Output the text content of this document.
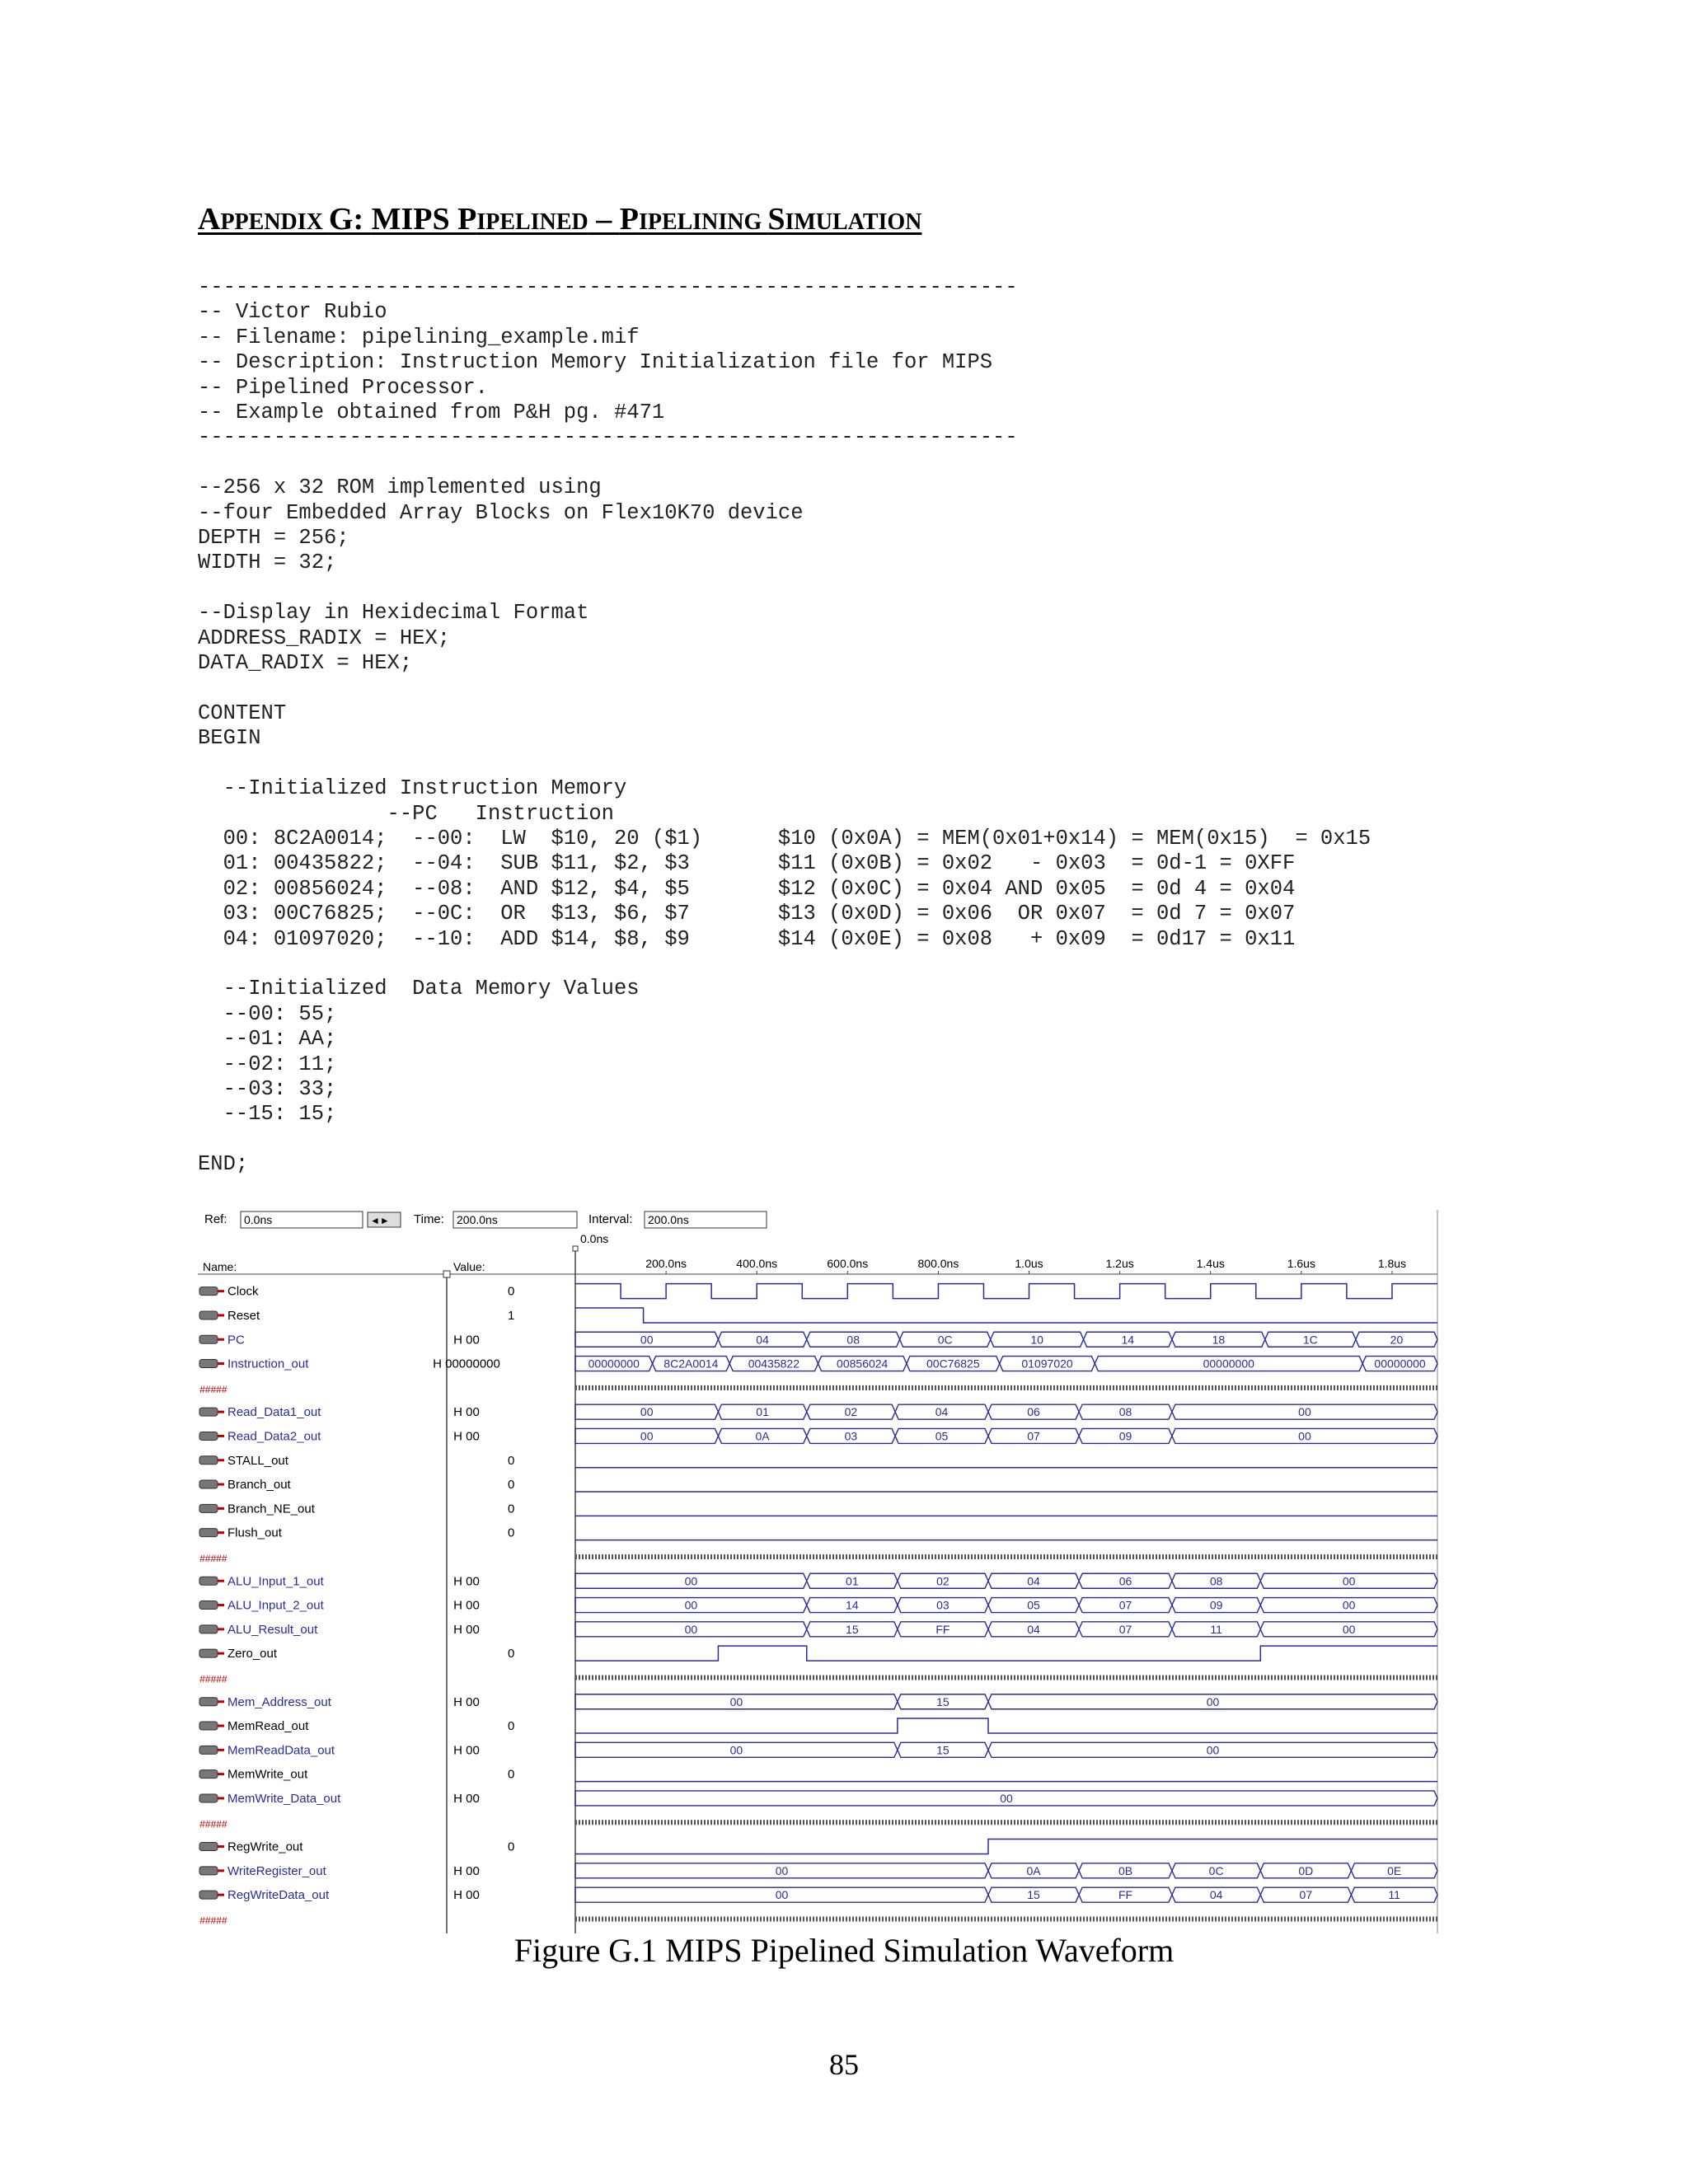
APPENDIX G: MIPS PIPELINED – PIPELINING SIMULATION
-----------------------------------------------------------------
-- Victor Rubio
-- Filename: pipelining_example.mif
-- Description: Instruction Memory Initialization file for MIPS
-- Pipelined Processor.
-- Example obtained from P&H pg. #471
-----------------------------------------------------------------

--256 x 32 ROM implemented using
--four Embedded Array Blocks on Flex10K70 device
DEPTH = 256;
WIDTH = 32;

--Display in Hexidecimal Format
ADDRESS_RADIX = HEX;
DATA_RADIX = HEX;

CONTENT
BEGIN

--Initialized Instruction Memory
--PC   Instruction
00: 8C2A0014;  --00:  LW  $10, 20 ($1)      $10 (0x0A) = MEM(0x01+0x14) = MEM(0x15)  = 0x15
01: 00435822;  --04:  SUB $11, $2, $3       $11 (0x0B) = 0x02   - 0x03  = 0d-1 = 0XFF
02: 00856024;  --08:  AND $12, $4, $5       $12 (0x0C) = 0x04 AND 0x05  = 0d 4 = 0x04
03: 00C76825;  --0C:  OR  $13, $6, $7       $13 (0x0D) = 0x06  OR 0x07  = 0d 7 = 0x07
04: 01097020;  --10:  ADD $14, $8, $9       $14 (0x0E) = 0x08   + 0x09  = 0d17 = 0x11

--Initialized  Data Memory Values
--00: 55;
--01: AA;
--02: 11;
--03: 33;
--15: 15;

END;

Ref: 0.0ns	◄► Time: 200.0ns	Interval: 200.0ns
0.0ns
Name:	Value:	200.0ns	400.0ns	600.0ns	800.0ns	1.0us	1.2us	1.4us	1.6us	1.8us
Clock	0
Reset	1
PC	H 00	00	04	08	0C	10	14	18	1C	20
Instruction_out	H 00000000	00000000 8C2A0014	00435822	00856024	00C76825	01097020	00000000	00000000
#####
Read_Data1_out	H 00	00	01	02	04	06	08	00
Read_Data2_out	H 00	00	0A	03	05	07	09	00
STALL_out	0
Branch_out	0
Branch_NE_out	0
Flush_out	0
#####
ALU_Input_1_out	H 00	00	01	02	04	06	08	00
ALU_Input_2_out	H 00	00	14	03	05	07	09	00
ALU_Result_out	H 00	00	15	FF	04	07	11	00
Zero_out	0
#####
Mem_Address_out	H 00	00	15	00
MemRead_out	0
MemReadData_out	H 00	00	15	00
MemWrite_out	0
MemWrite_Data_out	H 00	00
#####
RegWrite_out	0
WriteRegister_out	H 00	00	0A	0B	0C	0D	0E
RegWriteData_out	H 00	00	15	FF	04	07	11
#####
Figure G.1 MIPS Pipelined Simulation Waveform
85
